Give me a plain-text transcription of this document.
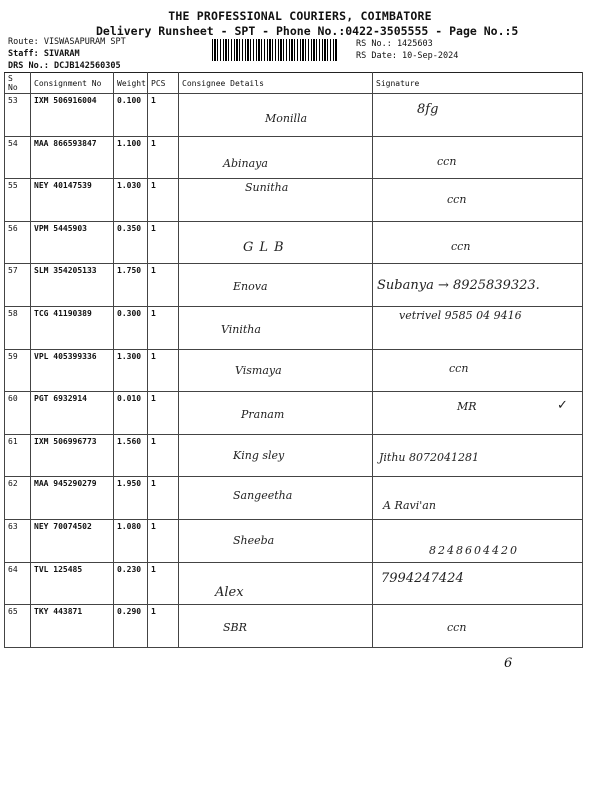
THE PROFESSIONAL COURIERS, COIMBATORE
Delivery Runsheet - SPT - Phone No.:0422-3505555 - Page No.:5
Route: VISWASAPURAM SPT
Staff: SIVARAM
DRS No.: DCJB142560305
RS No.: 1425603
RS Date: 10-Sep-2024
S No	Consignment No	Weight	PCS	Consignee Details	Signature
53	IXM 506916004	0.100	1	Monilla	8fg

54	MAA 866593847	1.100	1	Abinaya	ccn

55	NEY 40147539	1.030	1	Sunitha	ccn

56	VPM 5445903	0.350	1	GLB	ccn

57	SLM 354205133	1.750	1	Enova	Subanya → 8925839323.

58	TCG 41190389	0.300	1	Vinitha	vetrivel 9585 04 9416

59	VPL 405399336	1.300	1	Vismaya	ccn

60	PGT 6932914	0.010	1	Pranam	MR ✓

61	IXM 506996773	1.560	1	King sley	Jithu 8072041281

62	MAA 945290279	1.950	1	Sangeetha	A Ravi'an

63	NEY 70074502	1.080	1	Sheeba	8248604420

64	TVL 125485	0.230	1	Alex	7994247424

65	TKY 443871	0.290	1	SBR	ccn
6
